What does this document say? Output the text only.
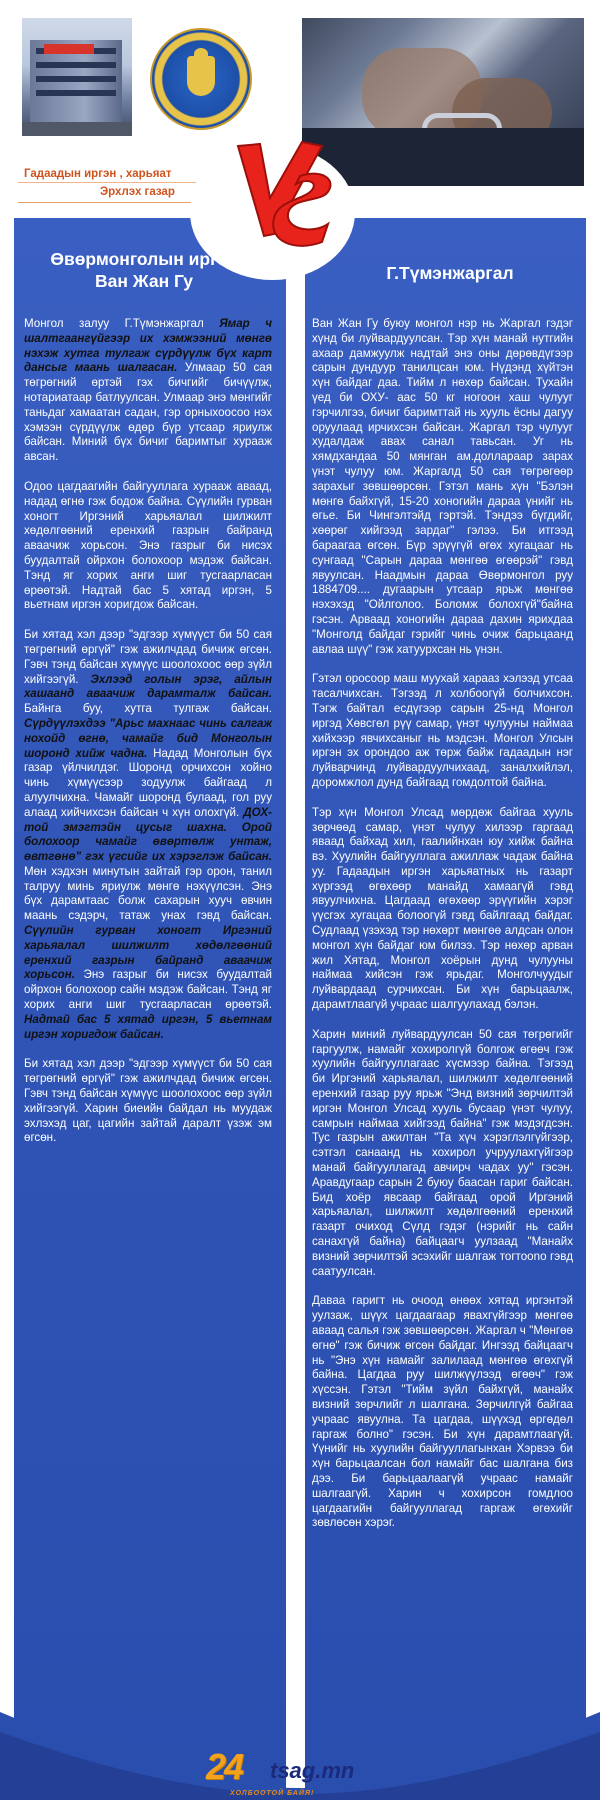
Гадаадын иргэн , харьяат
Эрхлэх газар
Өвөрмонголын иргэн Ван Жан Гу	Г.Түмэнжаргал

Монгол залуу Г.Түмэнжаргал Ямар ч шалтгаангүйгээр их хэмжээний мөнгө нэхэж хутга тулгаж сүрдүүлж бүх карт дансыг маань шалгасан. Улмаар 50 сая төгрөгний өртэй гэх бичгийг бичүүлж, нотариатаар батлуулсан. Улмаар энэ мөнгийг таньдаг хамаатан садан, гэр орныхоосоо нэх хэмээн сүрдүүлж өдөр бүр утсаар яриулж байсан. Миний бүх бичиг баримтыг хурааж авсан.

Одоо цагдаагийн байгууллага хурааж аваад, надад өгнө гэж бодож байна. Сүүлийн гурван хоногт Иргэний харьяалал шилжилт хөдөлгөөний еренхий газрын байранд аваачиж хорьсон. Энэ газрыг би нисэх буудалтай ойрхон болохоор мэдэж байсан. Тэнд яг хорих анги шиг тусгаарласан өрөөтэй. Надтай бас 5 хятад иргэн, 5 вьетнам иргэн хоригдож байсан.

Би хятад хэл дээр "эдгээр хүмүүст би 50 сая төгрөгний өргүй" гэж ажилчдад бичиж өгсөн. Гэвч тэнд байсан хүмүүс шоолохоос өөр зүйл хийгээгүй. Эхлээд голын эрэг, айлын хашаанд аваачиж дарамталж байсан. Байнга буу, хутга тулгаж байсан. Сүрдүүлэхдээ "Арьс махнаас чинь салгаж нохойд өгнө, чамайг бид Монголын шоронд хийж чадна. Надад Монголын бүх газар үйлчилдэг. Шоронд орчихсон хойно чинь хүмүүсээр зодуулж байгаад л алуулчихна. Чамайг шоронд булаад, гол руу алаад хийчихсэн байсан ч хүн олохгүй. ДОХ-той эмэгтэйн цусыг шахна. Орой болохоор чамайг өвөртөлж унтаж, өвтгөнө" гэх үгсийг их хэрэглэж байсан. Мөн хэдхэн минутын зайтай гэр орон, танил талруу минь яриулж мөнгө нэхүүлсэн. Энэ бүх дарамтаас болж сахарын хууч өвчин маань сэдэрч, татаж унах гэвд байсан. Сүүлийн гурван хоногт Иргэний харьяалал шилжилт хөдөлгөөний еренхий газрын байранд аваачиж хорьсон. Энэ газрыг би нисэх буудалтай ойрхон болохоор сайн мэдэж байсан. Тэнд яг хорих анги шиг тусгаарласан өрөөтэй. Надтай бас 5 хятад иргэн, 5 вьетнам иргэн хоригдож байсан.

Би хятад хэл дээр "эдгээр хүмүүст би 50 сая төгрөгний өргүй" гэж ажилчдад бичиж өгсөн. Гэвч тэнд байсан хүмүүс шоолохоос өөр зүйл хийгээгүй. Харин биеийн байдал нь муудаж эхлэхэд цаг, цагийн зайтай даралт үзэж эм өгсөн.

Ван Жан Гу буюу монгол нэр нь Жаргал гэдэг хүнд би луйвардуулсан. Тэр хүн манай нутгийн ахаар дамжуулж надтай энэ оны дөрөвдүгээр сарын дундуур танилцсан юм. Нүдэнд хүйтэн хүн байдаг даа. Тийм л нөхөр байсан. Тухайн үед би ОХУ- аас 50 кг ногоон хаш чулууг гэрчилгээ, бичиг баримттай нь хууль ёсны дагуу оруулаад ирчихсэн байсан. Жаргал тэр чулууг худалдаж авах санал тавьсан. Уг нь хямдхандаа 50 мянган ам.доллараар зарах үнэт чулуу юм. Жаргалд 50 сая төгрөгөөр зарахыг зөвшөөрсөн. Гэтэл мань хүн "Бэлэн мөнгө байхгүй, 15-20 хоногийн дараа үнийг нь өгье. Би Чингэлтэйд гэртэй. Тэндээ бүгдийг, хөөрөг хийгээд зардаг" гэлээ. Би итгээд бараагаа өгсөн. Бүр эрүүгүй өгөх хугацааг нь сунгаад "Сарын дараа мөнгөө өгөөрэй" гэвд явуулсан. Наадмын дараа Өвөрмонгол руу 1884709.... дугаарын утсаар ярьж мөнгөө нэхэхэд "Ойлголоо. Боломж болохгүй"байна гэсэн. Арваад хоногийн дараа дахин ярихдаа "Монголд байдаг гэрийг чинь очиж барьцаанд авлаа шүү" гэж хатуурхсан нь үнэн.

Гэтэл оросоор маш муухай харааз хэлээд утсаа тасалчихсан. Тэгээд л холбоогүй болчихсон. Тэгж байтал есдүгээр сарын 25-нд Монгол иргэд Хөвсгөл рүү самар, үнэт чулууны наймаа хийхээр явчихсаныг нь мэдсэн. Монгол Улсын иргэн эх орондоо аж төрж байж гадаадын нэг луйварчинд луйвардуулчихаад, заналхийлэл, доромжлол дунд байгаад гомдолтой байна.

Тэр хүн Монгол Улсад мөрдөж байгаа хууль зөрчөөд самар, үнэт чулуу хилээр гаргаад яваад байхад хил, гаалийнхан юу хийж байна вэ. Хуулийн байгууллага ажиллаж чадаж байна уу. Гадаадын иргэн харьяатных нь газарт хүргээд өгөхөөр манайд хамаагүй гэвд явуулчихна. Цагдаад өгөхөөр эрүүгийн хэрэг үүсгэх хугацаа болоогүй гэвд байлгаад байдаг. Судлаад үзэхэд тэр нөхөрт мөнгөө алдсан олон монгол хүн байдаг юм билээ. Тэр нөхөр арван жил Хятад, Монгол хоёрын дунд чулууны наймаа хийсэн гэж ярьдаг. Монголчуудыг луйвардаад сурчихсан. Би хүн барьцаалж, дарамтлаагүй учраас шалгуулахад бэлэн.

Харин миний луйвардуулсан 50 сая төгрөгийг гаргуулж, намайг хохиролгүй болгож өгөөч гэж хуулийн байгууллагаас хүсмээр байна. Тэгээд би Иргэний харьяалал, шилжилт хөдөлгөөний еренхий газар руу ярьж "Энд визний зөрчилтэй иргэн Монгол Улсад хууль бусаар үнэт чулуу, самрын наймаа хийгээд байна" гэж мэдэгдсэн. Тус газрын ажилтан "Та хүч хэрэглэлгүйгээр, сэтгэл санаанд нь хохирол учруулахгүйгээр манай байгууллагад авчирч чадах уу" гэсэн. Аравдугаар сарын 2 буюу баасан гариг байсан. Бид хоёр явсаар байгаад орой Иргэний харьяалал, шилжилт хөдөлгөөний еренхий газарт очиход Сүлд гэдэг (нэрийг нь сайн санахгүй байна) байцаагч уулзаад "Манайх визний зөрчилтэй эсэхийг шалгаж тогтоono гэвд саатуулсан.

Даваа гаригт нь очоод өнөөх хятад иргэнтэй уулзаж, шүүх цагдаагаар явахгүйгээр мөнгөө аваад салья гэж зөвшөөрсөн. Жаргал ч "Мөнгөө өгнө" гэж бичиж өгсөн байдаг. Ингээд байцаагч нь "Энэ хүн намайг залилаад мөнгөө өгөхгүй байна. Цагдаа руу шилжүүлээд өгөөч" гэж хүссэн. Гэтэл "Тийм зүйл байхгүй, манайх визний зөрчлийг л шалгана. Зөрчилгүй байгаа учраас явуулна. Та цагдаа, шүүхэд өргөдөл гаргаж болно" гэсэн. Би хүн дарамтлаагүй. Үүнийг нь хуулийн байгууллагынхан Хэрвээ би хүн барьцаалсан бол намайг бас шалгана биз дээ. Би барьцаалаагүй учраас намайг шалгаагүй. Харин ч хохирсон гомдлоо цагдаагийн байгууллагад гаргаж өгөхийг зөвлөсөн хэрэг.

24 tsag.mn
ХОЛБООТОЙ БАЙЯ!
